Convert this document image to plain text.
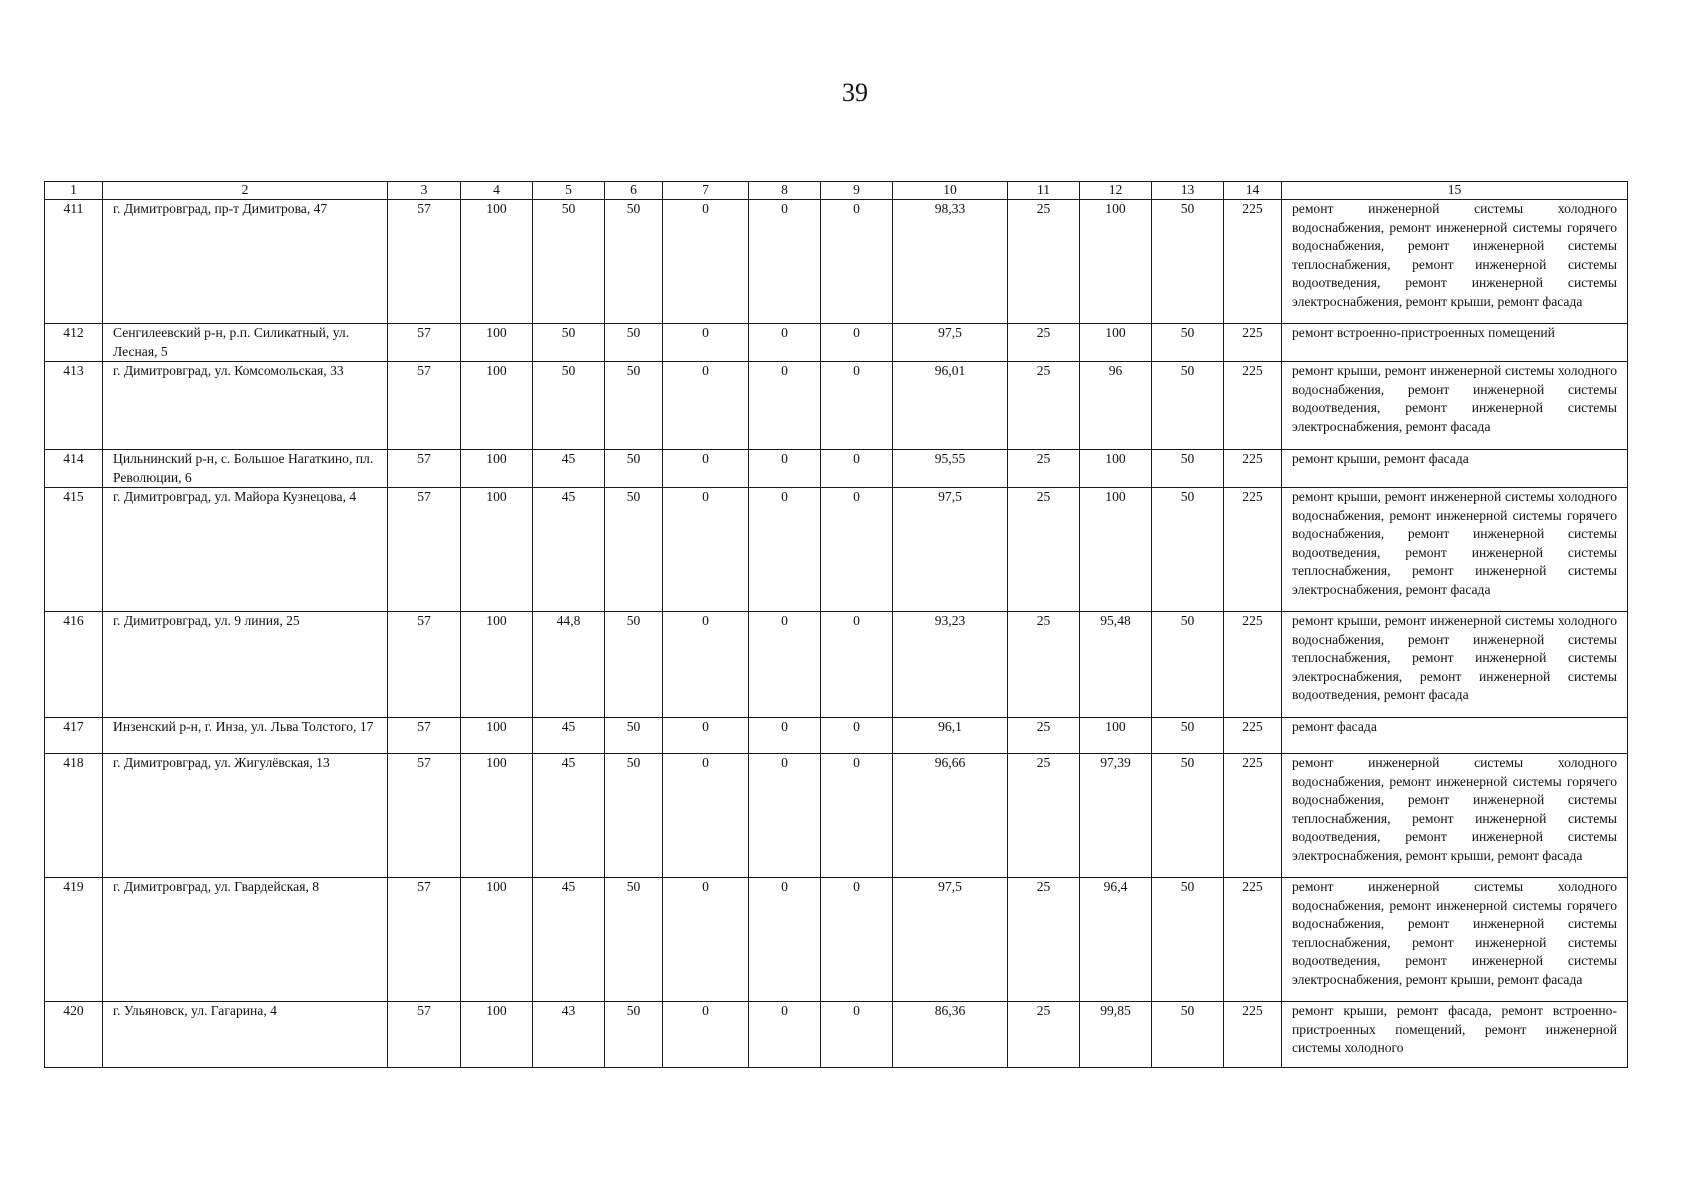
39
1	2	3	4	5	6	7	8	9	10	11	12	13	14	15
411	г. Димитровград, пр-т Димитрова, 47	57	100	50	50	0	0	0	98,33	25	100	50	225	ремонт инженерной системы холодного водоснабжения, ремонт инженерной системы горячего водоснабжения, ремонт инженерной системы теплоснабжения, ремонт инженерной системы водоотведения, ремонт инженерной системы электроснабжения, ремонт крыши, ремонт фасада
412	Сенгилеевский р-н, р.п. Силикатный, ул. Лесная, 5	57	100	50	50	0	0	0	97,5	25	100	50	225	ремонт встроенно-пристроенных помещений
413	г. Димитровград, ул. Комсомольская, 33	57	100	50	50	0	0	0	96,01	25	96	50	225	ремонт крыши, ремонт инженерной системы холодного водоснабжения, ремонт инженерной системы водоотведения, ремонт инженерной системы электроснабжения, ремонт фасада
414	Цильнинский р-н, с. Большое Нагаткино, пл. Революции, 6	57	100	45	50	0	0	0	95,55	25	100	50	225	ремонт крыши, ремонт фасада
415	г. Димитровград, ул. Майора Кузнецова, 4	57	100	45	50	0	0	0	97,5	25	100	50	225	ремонт крыши, ремонт инженерной системы холодного водоснабжения, ремонт инженерной системы горячего водоснабжения, ремонт инженерной системы водоотведения, ремонт инженерной системы теплоснабжения, ремонт инженерной системы электроснабжения, ремонт фасада
416	г. Димитровград, ул. 9 линия, 25	57	100	44,8	50	0	0	0	93,23	25	95,48	50	225	ремонт крыши, ремонт инженерной системы холодного водоснабжения, ремонт инженерной системы теплоснабжения, ремонт инженерной системы электроснабжения, ремонт инженерной системы водоотведения, ремонт фасада
417	Инзенский р-н, г. Инза, ул. Льва Толстого, 17	57	100	45	50	0	0	0	96,1	25	100	50	225	ремонт фасада
418	г. Димитровград, ул. Жигулёвская, 13	57	100	45	50	0	0	0	96,66	25	97,39	50	225	ремонт инженерной системы холодного водоснабжения, ремонт инженерной системы горячего водоснабжения, ремонт инженерной системы теплоснабжения, ремонт инженерной системы водоотведения, ремонт инженерной системы электроснабжения, ремонт крыши, ремонт фасада
419	г. Димитровград, ул. Гвардейская, 8	57	100	45	50	0	0	0	97,5	25	96,4	50	225	ремонт инженерной системы холодного водоснабжения, ремонт инженерной системы горячего водоснабжения, ремонт инженерной системы теплоснабжения, ремонт инженерной системы водоотведения, ремонт инженерной системы электроснабжения, ремонт крыши, ремонт фасада
420	г. Ульяновск, ул. Гагарина, 4	57	100	43	50	0	0	0	86,36	25	99,85	50	225	ремонт крыши, ремонт фасада, ремонт встроенно-пристроенных помещений, ремонт инженерной системы холодного
